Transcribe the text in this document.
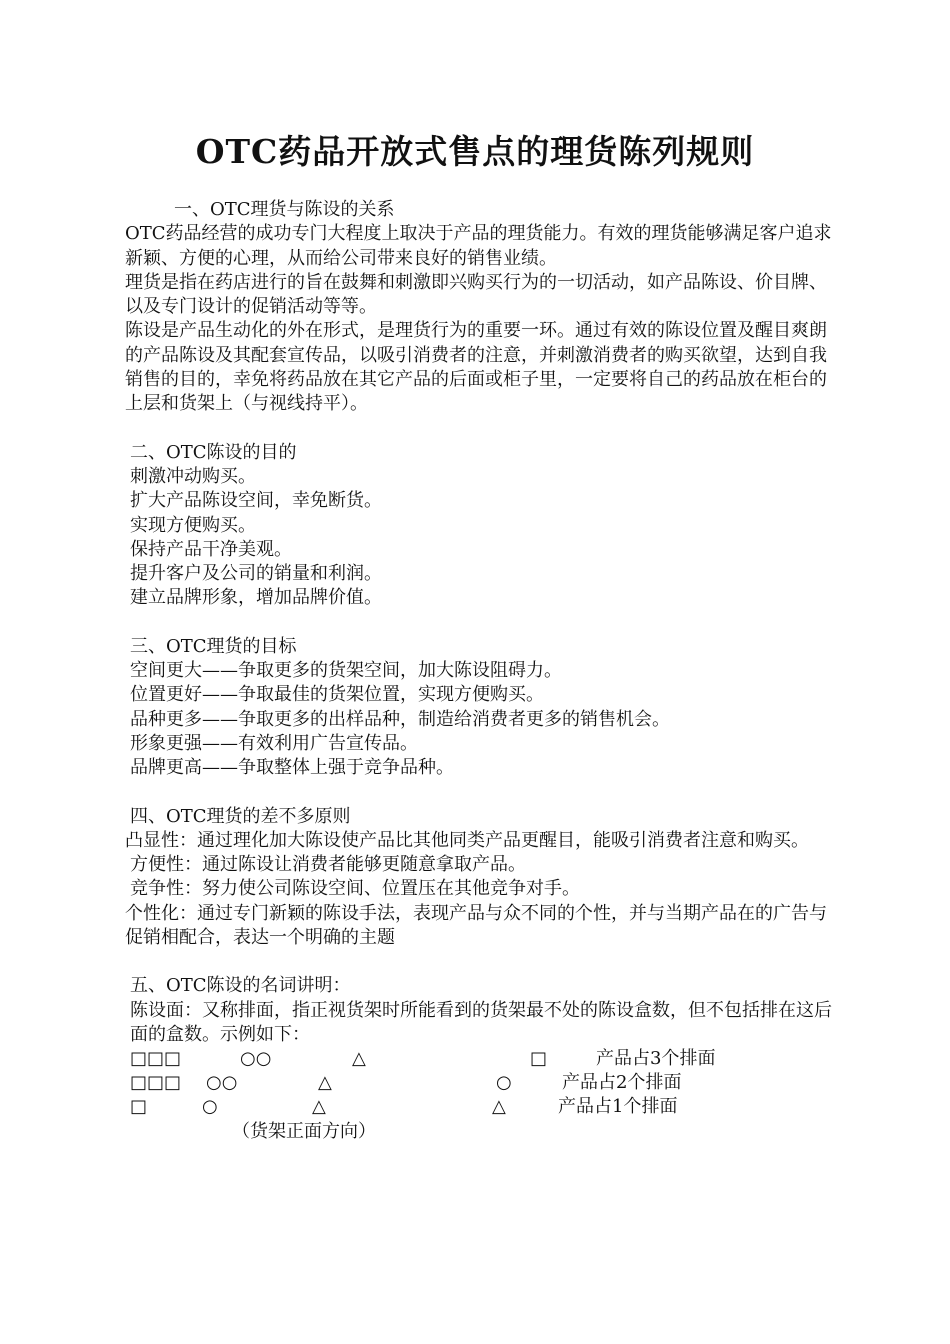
OTC药品开放式售点的理货陈列规则

一、OTC理货与陈设的关系

OTC药品经营的成功专门大程度上取决于产品的理货能力。有效的理货能够满足客户追求新颖、方便的心理，从而给公司带来良好的销售业绩。

理货是指在药店进行的旨在鼓舞和刺激即兴购买行为的一切活动，如产品陈设、价目牌、以及专门设计的促销活动等等。

陈设是产品生动化的外在形式，是理货行为的重要一环。通过有效的陈设位置及醒目爽朗的产品陈设及其配套宣传品，以吸引消费者的注意，并刺激消费者的购买欲望，达到自我销售的目的，幸免将药品放在其它产品的后面或柜子里，一定要将自己的药品放在柜台的上层和货架上（与视线持平）。

二、OTC陈设的目的

刺激冲动购买。

扩大产品陈设空间，幸免断货。

实现方便购买。

保持产品干净美观。

提升客户及公司的销量和利润。

建立品牌形象，增加品牌价值。

三、OTC理货的目标

空间更大——争取更多的货架空间，加大陈设阻碍力。

位置更好——争取最佳的货架位置，实现方便购买。

品种更多——争取更多的出样品种，制造给消费者更多的销售机会。

形象更强——有效利用广告宣传品。

品牌更高——争取整体上强于竞争品种。

四、OTC理货的差不多原则

凸显性：通过理化加大陈设使产品比其他同类产品更醒目，能吸引消费者注意和购买。

方便性：通过陈设让消费者能够更随意拿取产品。

竞争性：努力使公司陈设空间、位置压在其他竞争对手。

个性化：通过专门新颖的陈设手法，表现产品与众不同的个性，并与当期产品在的广告与促销相配合，表达一个明确的主题

五、OTC陈设的名词讲明：

陈设面：又称排面，指正视货架时所能看到的货架最不处的陈设盒数，但不包括排在这后面的盒数。示例如下：

□□□	○○	△	□	产品占3个排面
□□□ ○○	△	○	产品占2个排面
□	○	△	△	产品占1个排面
（货架正面方向）
